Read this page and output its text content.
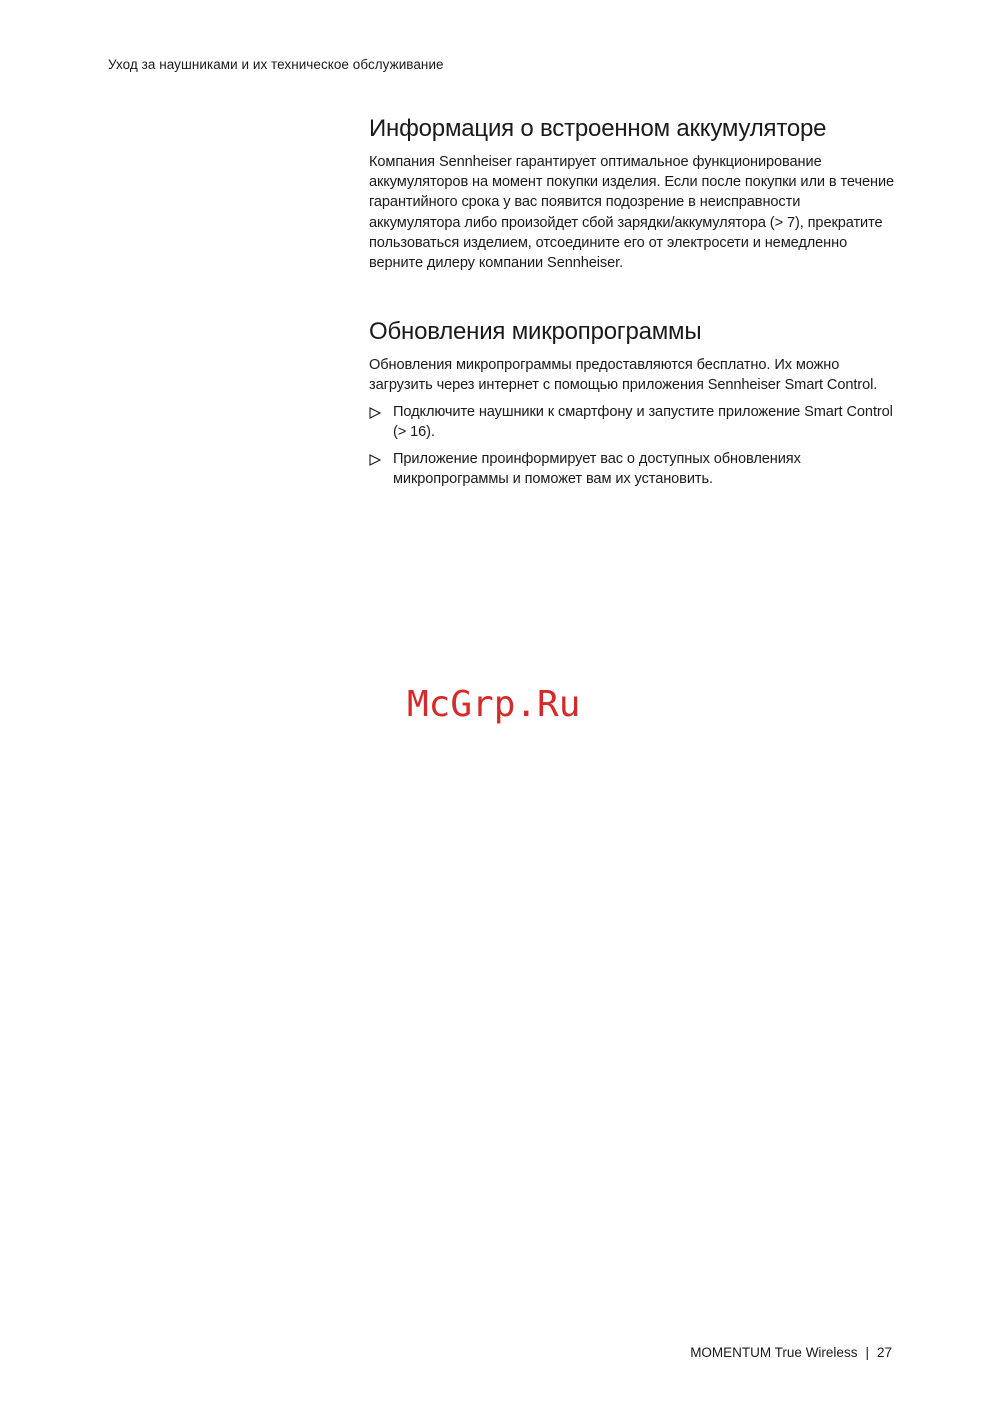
Уход за наушниками и их техническое обслуживание
Информация о встроенном аккумуляторе

Компания Sennheiser гарантирует оптимальное функционирование аккумуляторов на момент покупки изделия. Если после покупки или в течение гарантийного срока у вас появится подозрение в неисправности аккумулятора либо произойдет сбой зарядки/аккумулятора (> 7), прекратите пользоваться изделием, отсоедините его от электросети и немедленно верните дилеру компании Sennheiser.

Обновления микропрограммы

Обновления микропрограммы предоставляются бесплатно. Их можно загрузить через интернет с помощью приложения Sennheiser Smart Control.

Подключите наушники к смартфону и запустите приложение Smart Control (> 16).
Приложение проинформирует вас о доступных обновлениях микропрограммы и поможет вам их установить.
McGrp.Ru
MOMENTUM True Wireless | 27
